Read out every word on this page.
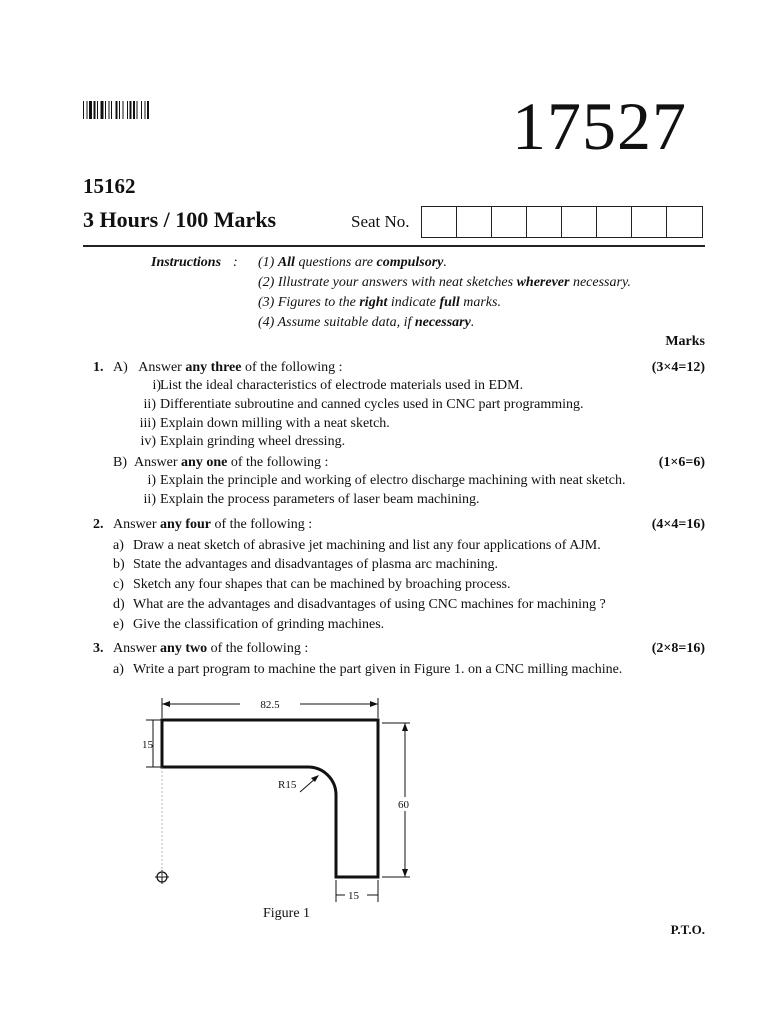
17527
15162
3 Hours / 100 Marks	Seat No.
Instructions : (1) All questions are compulsory.
(2) Illustrate your answers with neat sketches wherever necessary.
(3) Figures to the right indicate full marks.
(4) Assume suitable data, if necessary.
Marks
1. A) Answer any three of the following :	(3×4=12)
i) List the ideal characteristics of electrode materials used in EDM.
ii) Differentiate subroutine and canned cycles used in CNC part programming.
iii) Explain down milling with a neat sketch.
iv) Explain grinding wheel dressing.
B) Answer any one of the following :	(1×6=6)
i) Explain the principle and working of electro discharge machining with neat sketch.
ii) Explain the process parameters of laser beam machining.
2. Answer any four of the following :	(4×4=16)
a) Draw a neat sketch of abrasive jet machining and list any four applications of AJM.
b) State the advantages and disadvantages of plasma arc machining.
c) Sketch any four shapes that can be machined by broaching process.
d) What are the advantages and disadvantages of using CNC machines for machining ?
e) Give the classification of grinding machines.
3. Answer any two of the following :	(2×8=16)
a) Write a part program to machine the part given in Figure 1. on a CNC milling machine.
82.5
15
60
R15
15
Figure 1
P.T.O.
